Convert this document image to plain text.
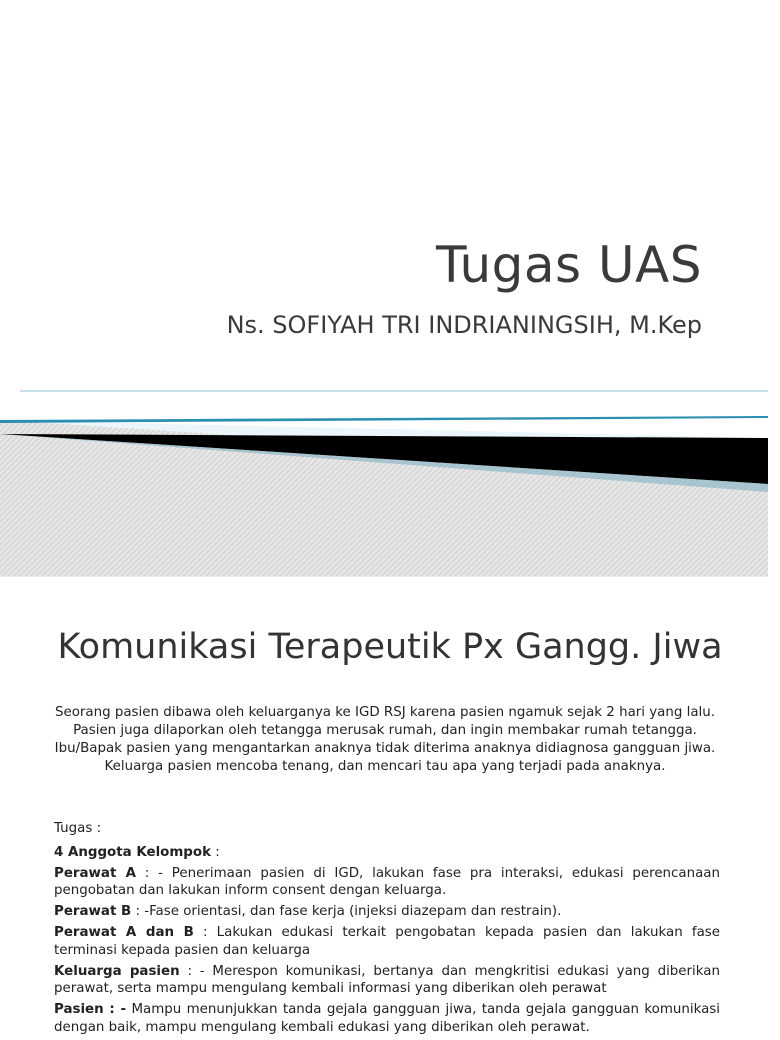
Tugas UAS
Ns. SOFIYAH TRI INDRIANINGSIH, M.Kep
Komunikasi Terapeutik Px Gangg. Jiwa

Seorang pasien dibawa oleh keluarganya ke IGD RSJ karena pasien ngamuk sejak 2 hari yang lalu. Pasien juga dilaporkan oleh tetangga merusak rumah, dan ingin membakar rumah tetangga.

Ibu/Bapak pasien yang mengantarkan anaknya tidak diterima anaknya didiagnosa gangguan jiwa. Keluarga pasien mencoba tenang, dan mencari tau apa yang terjadi pada anaknya.

Tugas :

4 Anggota Kelompok :

Perawat A : - Penerimaan pasien di IGD, lakukan fase pra interaksi, edukasi perencanaan pengobatan dan lakukan inform consent dengan keluarga.

Perawat B : -Fase orientasi, dan fase kerja (injeksi diazepam dan restrain).

Perawat A dan B : Lakukan edukasi terkait pengobatan kepada pasien dan lakukan fase terminasi kepada pasien dan keluarga

Keluarga pasien : - Merespon komunikasi, bertanya dan mengkritisi edukasi yang diberikan perawat, serta mampu mengulang kembali informasi yang diberikan oleh perawat

Pasien : - Mampu menunjukkan tanda gejala gangguan jiwa, tanda gejala gangguan komunikasi dengan baik, mampu mengulang kembali edukasi yang diberikan oleh perawat.
